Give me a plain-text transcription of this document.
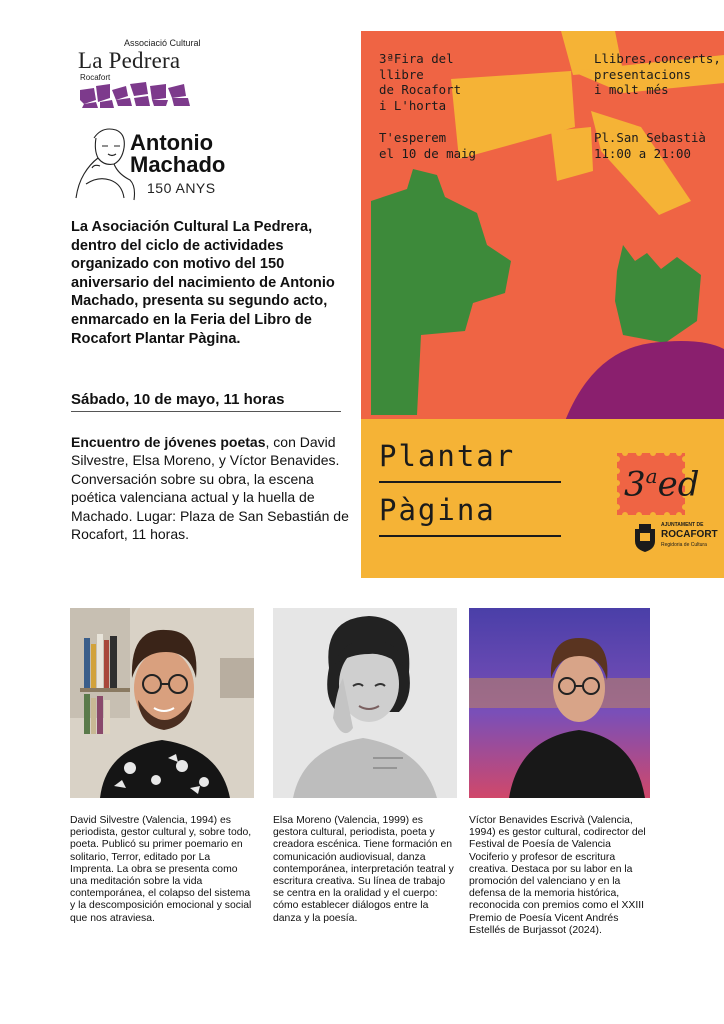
Associació Cultural
La Pedrera
Rocafort
Antonio
Machado
150 ANYS
La Asociación Cultural La Pedrera, dentro del ciclo de actividades organizado con motivo del 150 aniversario del nacimiento de Antonio Machado, presenta su segundo acto, enmarcado en la Feria del Libro de Rocafort Plantar Pàgina.
Sábado, 10 de mayo, 11 horas
Encuentro de jóvenes poetas, con David Silvestre, Elsa Moreno, y Víctor Benavides. Conversación sobre su obra, la escena poética valenciana actual y la huella de Machado. Lugar: Plaza de San Sebastián de Rocafort, 11 horas.
3ªFira del
llibre
de Rocafort
i L'horta
Llibres,concerts,
presentacions
i molt més
T'esperem
el 10 de maig
Pl.San Sebastià
11:00 a 21:00
Plantar
Pàgina
3$^a$ed
AJUNTAMENT DE
ROCAFORT
Regidoria de Cultura
David Silvestre (Valencia, 1994) es periodista, gestor cultural y, sobre todo, poeta. Publicó su primer poemario en solitario, Terror, editado por La Imprenta. La obra se presenta como una meditación sobre la vida contemporánea, el colapso del sistema y la descomposición emocional y social que nos atraviesa.
Elsa Moreno (Valencia, 1999) es gestora cultural, periodista, poeta y creadora escénica. Tiene formación en comunicación audiovisual, danza contemporánea, interpretación teatral y escritura creativa. Su línea de trabajo se centra en la oralidad y el cuerpo: cómo establecer diálogos entre la danza y la poesía.
Víctor Benavides Escrivà (Valencia, 1994) es gestor cultural, codirector del Festival de Poesía de Valencia Vociferio y profesor de escritura creativa. Destaca por su labor en la promoción del valenciano y en la defensa de la memoria histórica, reconocida con premios como el XXIII Premio de Poesía Vicent Andrés Estellés de Burjassot (2024).
